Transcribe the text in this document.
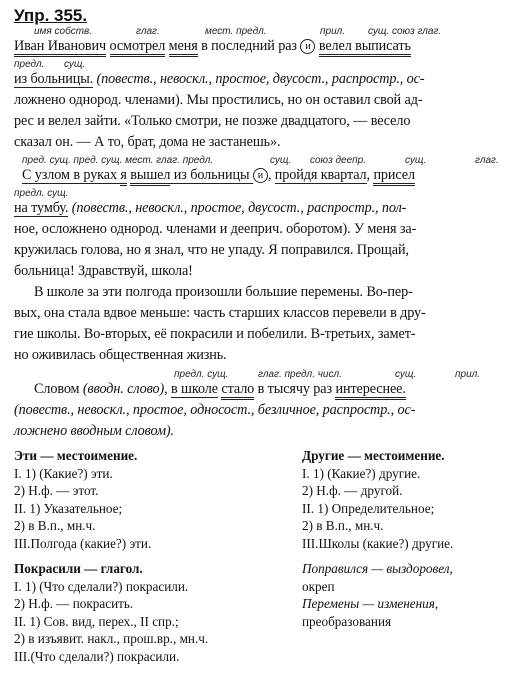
Упр. 355.
имя собств.	глаг.	мест. предл.	прил. сущ. союз глаг.
Иван Иванович осмотрел меня в последний раз и велел выписать
предл. сущ.
из больницы. (повеств., невоскл., простое, двусост., распростр., ос-
ложнено однород. членами). Мы простились, но он оставил свой ад-
рес и велел зайти. «Только смотри, не позже двадцатого, — весело
сказал он. — А то, брат, дома не застанешь».
пред. сущ. пред. сущ. мест. глаг. предл.	сущ. союз деепр.	сущ.	глаг.
С узлом в руках я вышел из больницы и , пройдя квартал, присел
предл. сущ.
на тумбу. (повеств., невоскл., простое, двусост., распростр., пол-
ное, осложнено однород. членами и дееприч. оборотом). У меня за-
кружилась голова, но я знал, что не упаду. Я поправился. Прощай,
больница! Здравствуй, школа!
В школе за эти полгода произошли большие перемены. Во-пер-
вых, она стала вдвое меньше: часть старших классов перевели в дру-
гие школы. Во-вторых, её покрасили и побелили. В-третьих, замет-
но оживилась общественная жизнь.
предл. сущ.	глаг. предл. числ.	сущ.	прил.
Словом (вводн. слово), в школе стало в тысячу раз интереснее.
(повеств., невоскл., простое, односост., безличное, распростр., ос-
ложнено вводным словом).
Эти — местоимение.
I. 1) (Какие?) эти.
2) Н.ф. — этот.
II. 1) Указательное;
2) в В.п., мн.ч.
III.Полгода (какие?) эти.
Покрасили — глагол.
I. 1) (Что сделали?) покрасили.
2) Н.ф. — покрасить.
II. 1) Сов. вид, перех., II спр.;
2) в изъявит. накл., прош.вр., мн.ч.
III.(Что сделали?) покрасили.
Другие — местоимение.
I. 1) (Какие?) другие.
2) Н.ф. — другой.
II. 1) Определительное;
2) в В.п., мн.ч.
III.Школы (какие?) другие.
Поправился — выздоровел,
окреп
Перемены — изменения,
преобразования
